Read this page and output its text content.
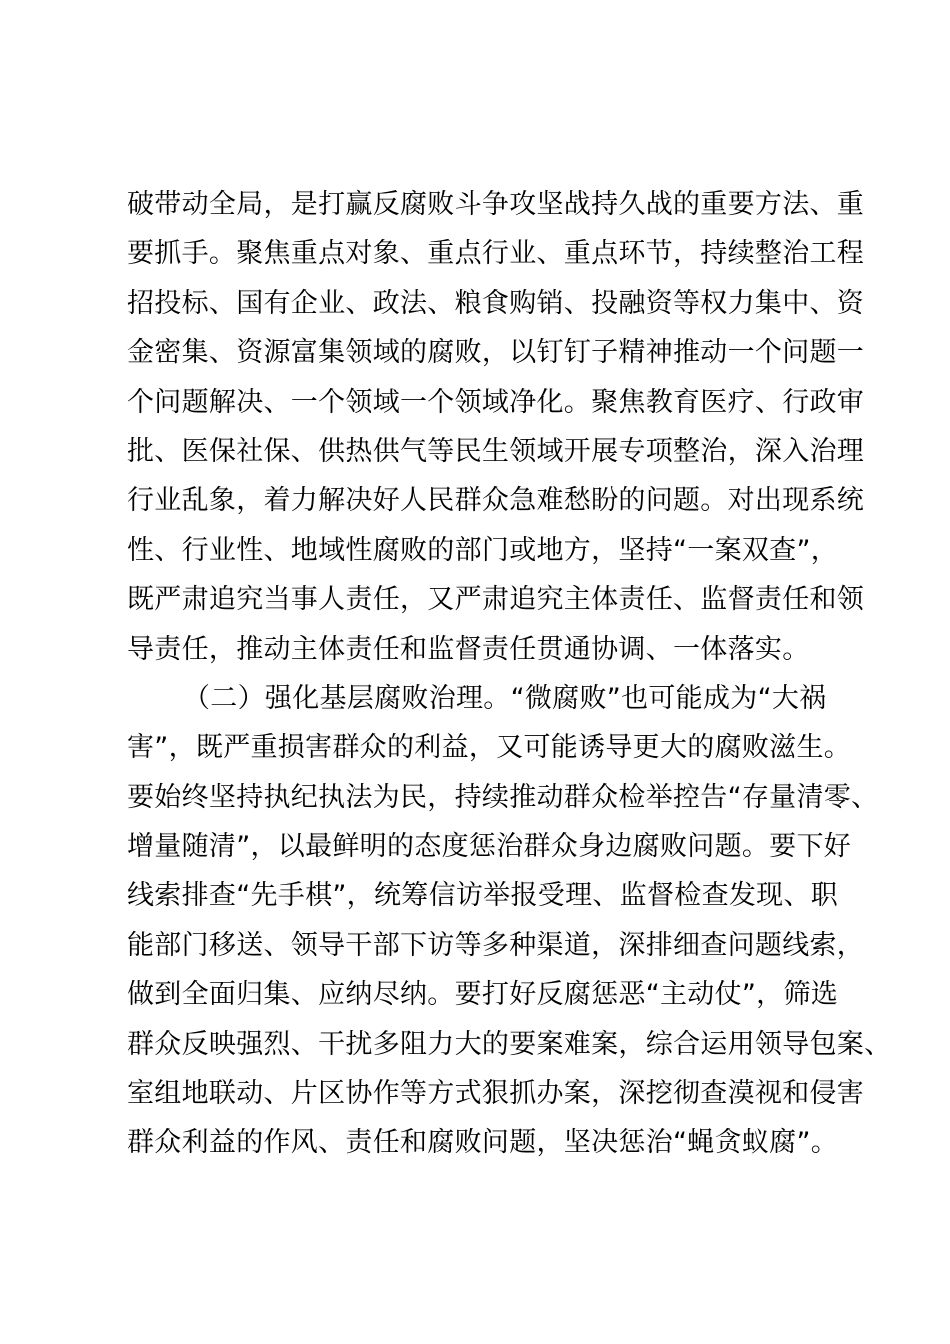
破带动全局，是打赢反腐败斗争攻坚战持久战的重要方法、重
要抓手。聚焦重点对象、重点行业、重点环节，持续整治工程
招投标、国有企业、政法、粮食购销、投融资等权力集中、资
金密集、资源富集领域的腐败，以钉钉子精神推动一个问题一
个问题解决、一个领域一个领域净化。聚焦教育医疗、行政审
批、医保社保、供热供气等民生领域开展专项整治，深入治理
行业乱象，着力解决好人民群众急难愁盼的问题。对出现系统
性、行业性、地域性腐败的部门或地方，坚持“一案双查”，
既严肃追究当事人责任，又严肃追究主体责任、监督责任和领
导责任，推动主体责任和监督责任贯通协调、一体落实。
（二）强化基层腐败治理。“微腐败”也可能成为“大祸
害”，既严重损害群众的利益，又可能诱导更大的腐败滋生。
要始终坚持执纪执法为民，持续推动群众检举控告“存量清零、
增量随清”，以最鲜明的态度惩治群众身边腐败问题。要下好
线索排查“先手棋”，统筹信访举报受理、监督检查发现、职
能部门移送、领导干部下访等多种渠道，深排细查问题线索，
做到全面归集、应纳尽纳。要打好反腐惩恶“主动仗”，筛选
群众反映强烈、干扰多阻力大的要案难案，综合运用领导包案、
室组地联动、片区协作等方式狠抓办案，深挖彻查漠视和侵害
群众利益的作风、责任和腐败问题，坚决惩治“蝇贪蚁腐”。
